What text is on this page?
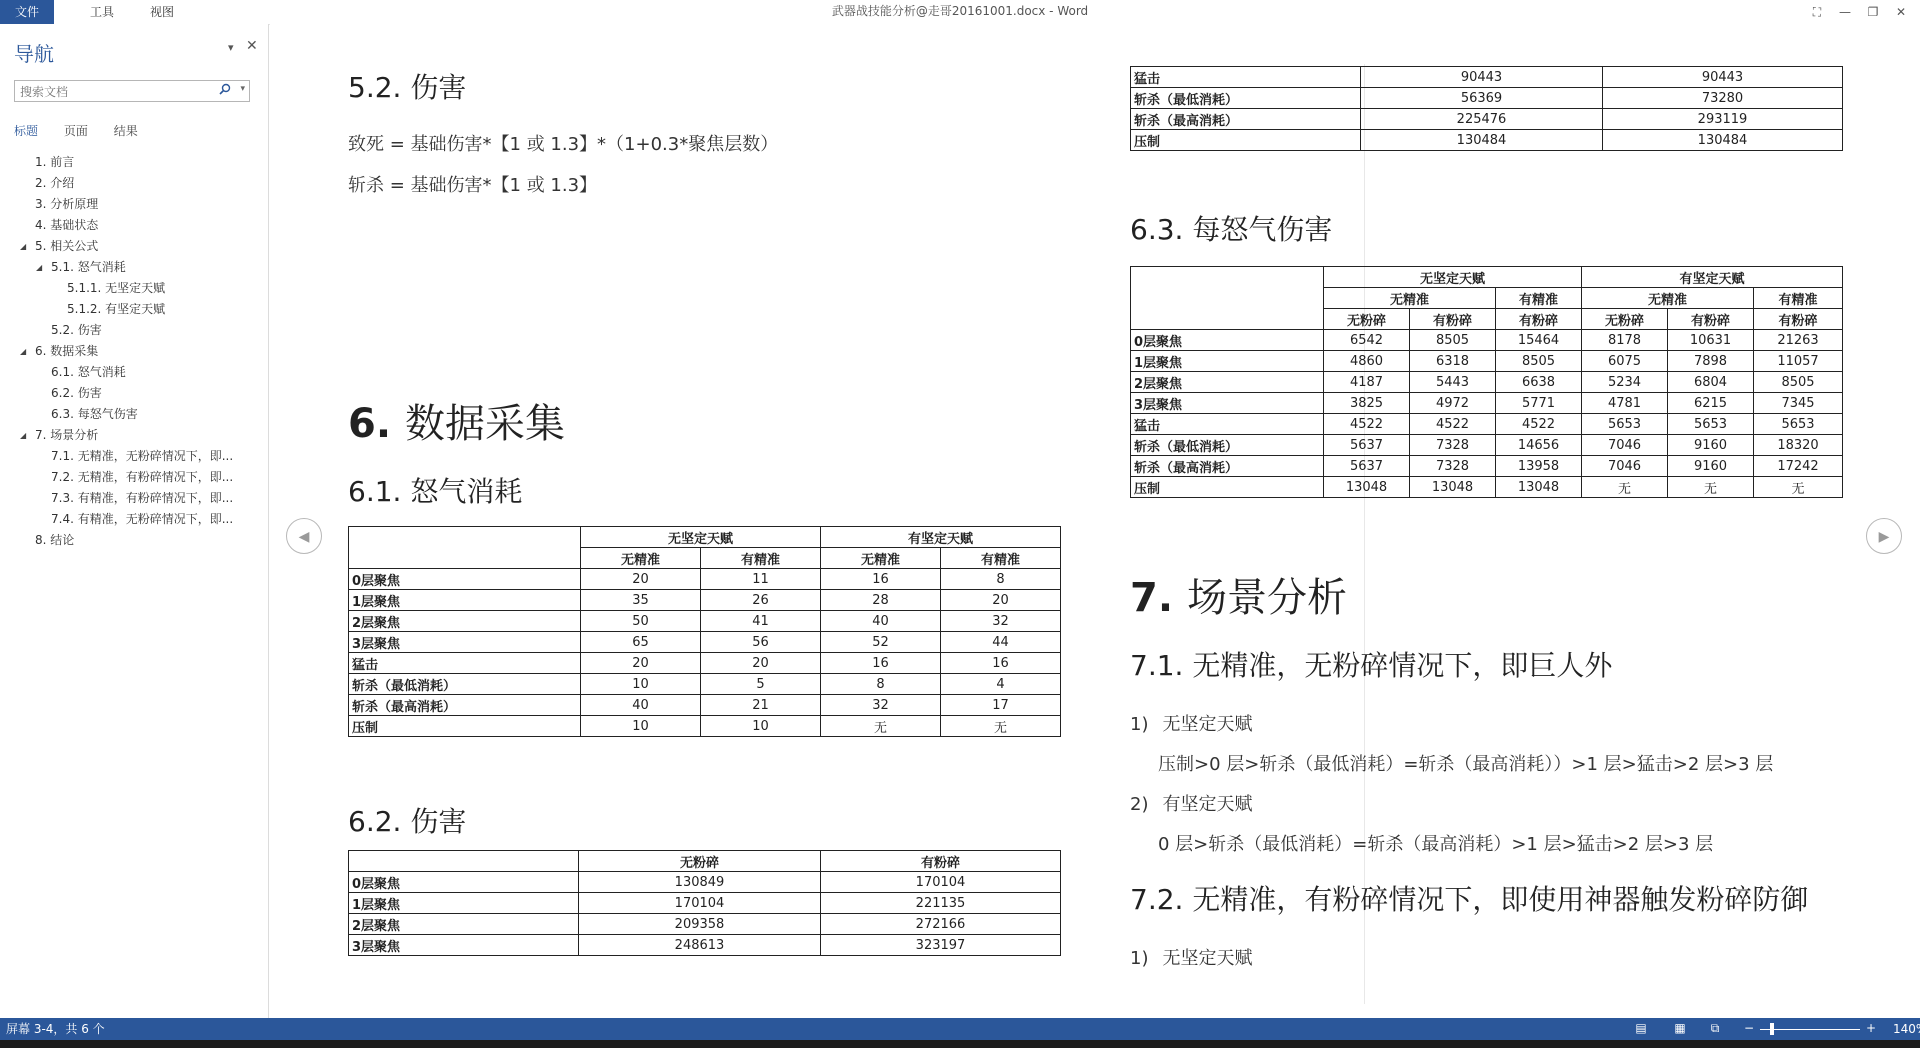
文件	工具	视图	武器战技能分析@走哥20161001.docx - Word	⛶	—	❐	✕
导航	▾ ✕
搜索文档
▾
标题 页面 结果
1. 前言
2. 介绍
3. 分析原理
4. 基础状态
◢ 5. 相关公式
◢ 5.1. 怒气消耗
5.1.1. 无坚定天赋
5.1.2. 有坚定天赋
5.2. 伤害
◢ 6. 数据采集
6.1. 怒气消耗
6.2. 伤害
6.3. 每怒气伤害
◢ 7. 场景分析
7.1. 无精准，无粉碎情况下，即...
7.2. 无精准，有粉碎情况下，即...
7.3. 有精准，有粉碎情况下，即...
7.4. 有精准，无粉碎情况下，即...
8. 结论
5.2. 伤害
致死 = 基础伤害*【1 或 1.3】*（1+0.3*聚焦层数）
斩杀 = 基础伤害*【1 或 1.3】
6. 数据采集
6.1. 怒气消耗
	无坚定天赋		有坚定天赋	
	无精准	有精准	无精准	有精准
0层聚焦	20	11	16	8
1层聚焦	35	26	28	20
2层聚焦	50	41	40	32
3层聚焦	65	56	52	44
猛击	20	20	16	16
斩杀（最低消耗）	10	5	8	4
斩杀（最高消耗）	40	21	32	17
压制	10	10	无	无
6.2. 伤害
	无粉碎	有粉碎
0层聚焦	130849	170104
1层聚焦	170104	221135
2层聚焦	209358	272166
3层聚焦	248613	323197
猛击	90443	90443
斩杀（最低消耗）	56369	73280
斩杀（最高消耗）	225476	293119
压制	130484	130484
6.3. 每怒气伤害
	无坚定天赋			有坚定天赋		
	无精准		有精准	无精准		有精准
	无粉碎	有粉碎	有粉碎	无粉碎	有粉碎	有粉碎
0层聚焦	6542	8505	15464	8178	10631	21263
1层聚焦	4860	6318	8505	6075	7898	11057
2层聚焦	4187	5443	6638	5234	6804	8505
3层聚焦	3825	4972	5771	4781	6215	7345
猛击	4522	4522	4522	5653	5653	5653
斩杀（最低消耗）	5637	7328	14656	7046	9160	18320
斩杀（最高消耗）	5637	7328	13958	7046	9160	17242
压制	13048	13048	13048	无	无	无
7. 场景分析
7.1. 无精准，无粉碎情况下，即巨人外
1) 无坚定天赋
压制>0 层>斩杀（最低消耗）=斩杀（最高消耗））>1 层>猛击>2 层>3 层
2) 有坚定天赋
0 层>斩杀（最低消耗）=斩杀（最高消耗）>1 层>猛击>2 层>3 层
7.2. 无精准，有粉碎情况下，即使用神器触发粉碎防御
1) 无坚定天赋
◀	▶
屏幕 3-4，共 6 个	▤ ▦	⧉	−	+ 140%
